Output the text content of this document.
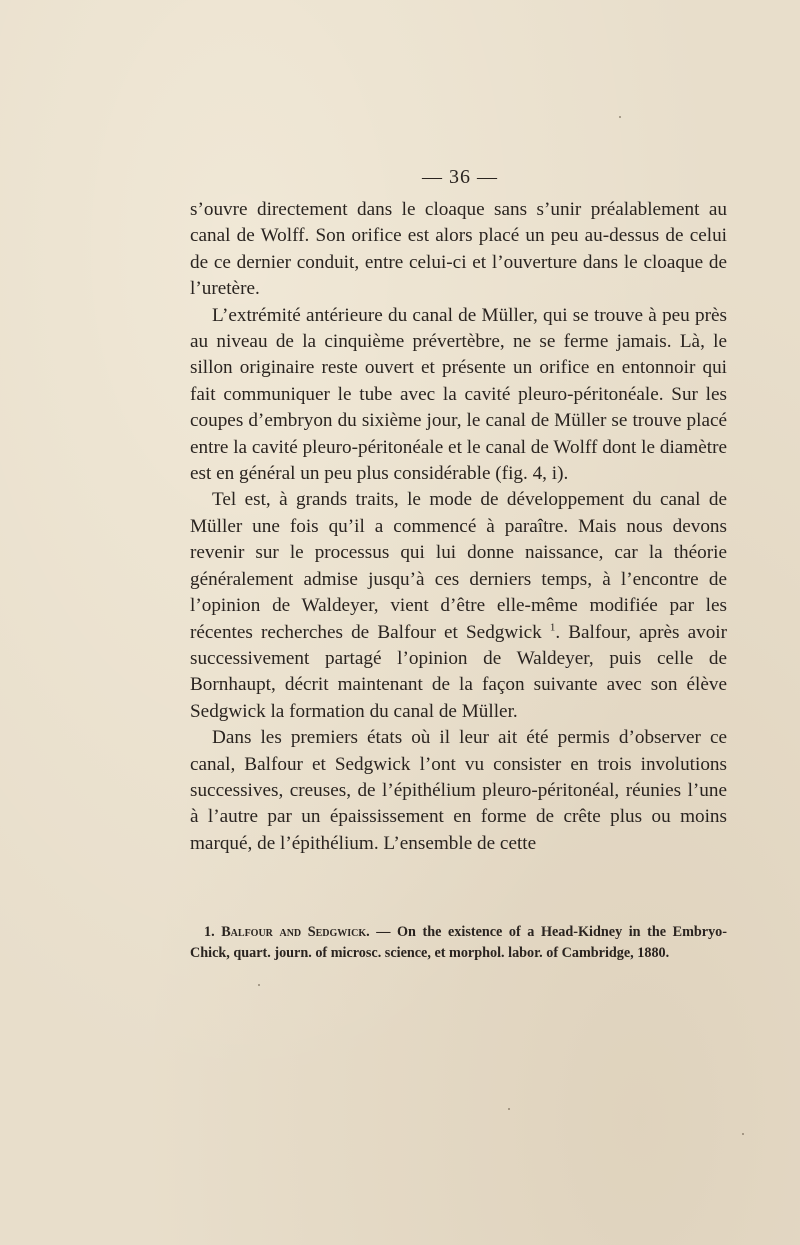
— 36 —

s’ouvre directement dans le cloaque sans s’unir préalablement au canal de Wolff. Son orifice est alors placé un peu au-dessus de celui de ce dernier conduit, entre celui-ci et l’ouverture dans le cloaque de l’uretère.

L’extrémité antérieure du canal de Müller, qui se trouve à peu près au niveau de la cinquième prévertèbre, ne se ferme jamais. Là, le sillon originaire reste ouvert et présente un orifice en entonnoir qui fait communiquer le tube avec la cavité pleuro-péritonéale. Sur les coupes d’embryon du sixième jour, le canal de Müller se trouve placé entre la cavité pleuro-péritonéale et le canal de Wolff dont le diamètre est en général un peu plus considérable (fig. 4, i).

Tel est, à grands traits, le mode de développement du canal de Müller une fois qu’il a commencé à paraître. Mais nous devons revenir sur le processus qui lui donne naissance, car la théorie généralement admise jusqu’à ces derniers temps, à l’encontre de l’opinion de Waldeyer, vient d’être elle-même modifiée par les récentes recherches de Balfour et Sedgwick $^1$. Balfour, après avoir successivement partagé l’opinion de Waldeyer, puis celle de Bornhaupt, décrit maintenant de la façon suivante avec son élève Sedgwick la formation du canal de Müller.

Dans les premiers états où il leur ait été permis d’observer ce canal, Balfour et Sedgwick l’ont vu consister en trois involutions successives, creuses, de l’épithélium pleuro-péritonéal, réunies l’une à l’autre par un épaississement en forme de crête plus ou moins marqué, de l’épithélium. L’ensemble de cette

1. Balfour and Sedgwick. — On the existence of a Head-Kidney in the Embryo-Chick, quart. journ. of microsc. science, et morphol. labor. of Cambridge, 1880.
